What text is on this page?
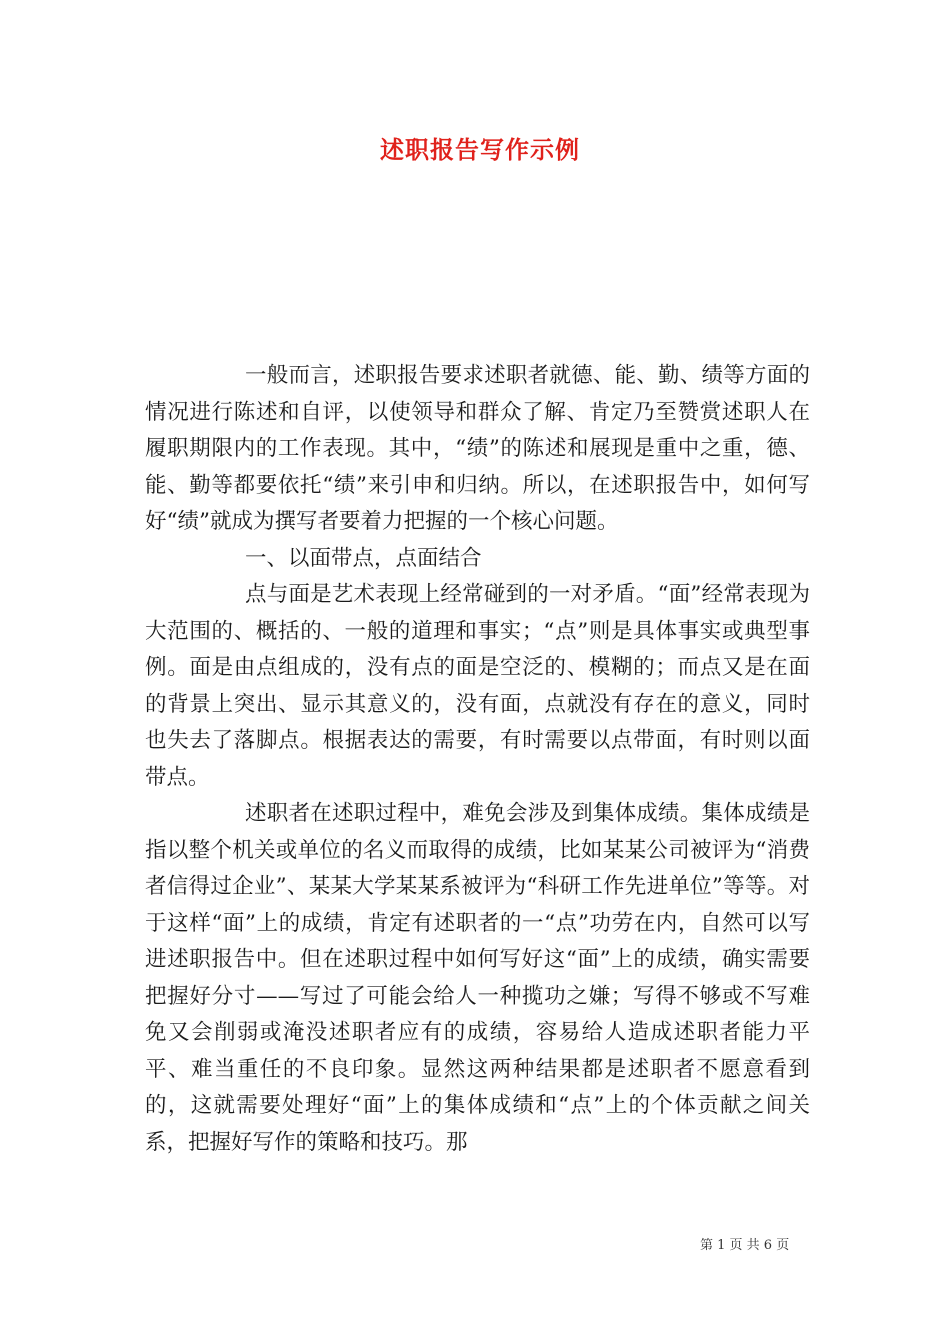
述职报告写作示例

一般而言，述职报告要求述职者就德、能、勤、绩等方面的情况进行陈述和自评，以使领导和群众了解、肯定乃至赞赏述职人在履职期限内的工作表现。其中，“绩”的陈述和展现是重中之重，德、能、勤等都要依托“绩”来引申和归纳。所以，在述职报告中，如何写好“绩”就成为撰写者要着力把握的一个核心问题。

一、以面带点，点面结合

点与面是艺术表现上经常碰到的一对矛盾。“面”经常表现为大范围的、概括的、一般的道理和事实；“点”则是具体事实或典型事例。面是由点组成的，没有点的面是空泛的、模糊的；而点又是在面的背景上突出、显示其意义的，没有面，点就没有存在的意义，同时也失去了落脚点。根据表达的需要，有时需要以点带面，有时则以面带点。

述职者在述职过程中，难免会涉及到集体成绩。集体成绩是指以整个机关或单位的名义而取得的成绩，比如某某公司被评为“消费者信得过企业”、某某大学某某系被评为“科研工作先进单位”等等。对于这样“面”上的成绩，肯定有述职者的一“点”功劳在内，自然可以写进述职报告中。但在述职过程中如何写好这“面”上的成绩，确实需要把握好分寸——写过了可能会给人一种揽功之嫌；写得不够或不写难免又会削弱或淹没述职者应有的成绩，容易给人造成述职者能力平平、难当重任的不良印象。显然这两种结果都是述职者不愿意看到的，这就需要处理好“面”上的集体成绩和“点”上的个体贡献之间关系，把握好写作的策略和技巧。那

第 1 页 共 6 页
